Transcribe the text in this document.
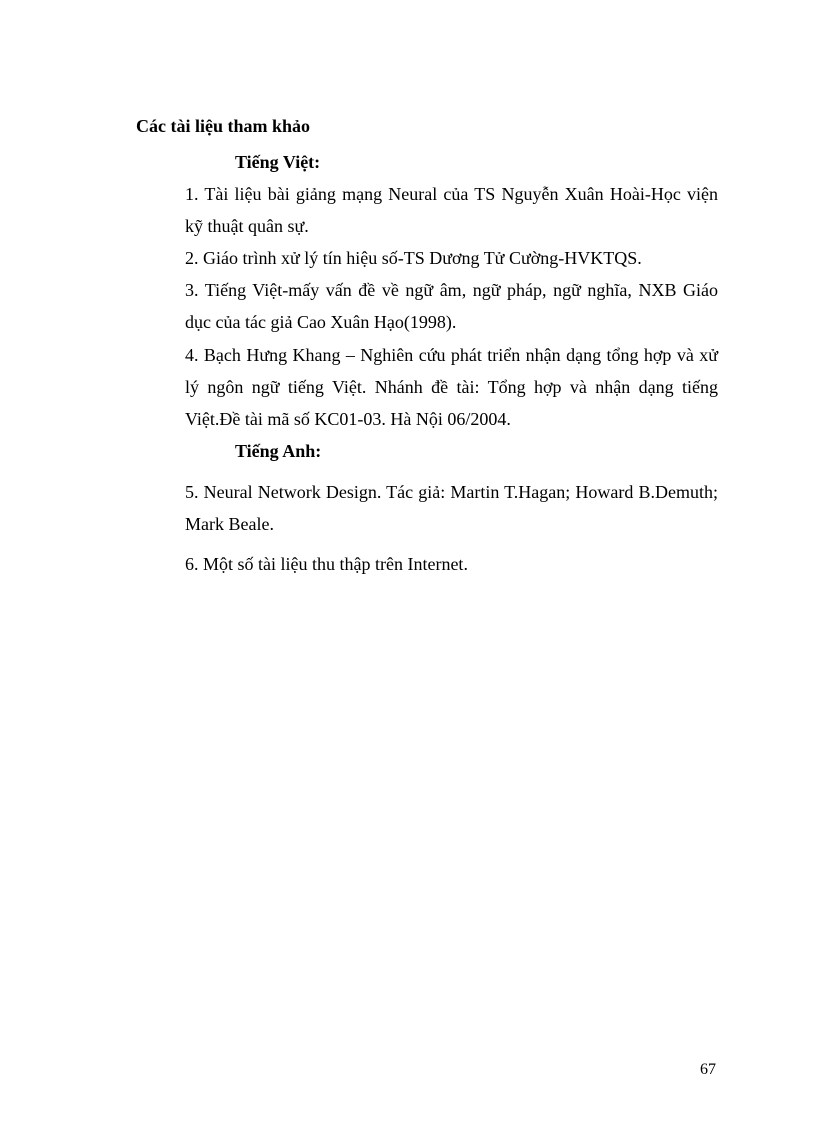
Các tài liệu tham khảo
Tiếng Việt:
1. Tài liệu bài giảng mạng Neural của TS Nguyễn Xuân Hoài-Học viện kỹ thuật quân sự.
2. Giáo trình xử lý tín hiệu số-TS Dương Tử Cường-HVKTQS.
3. Tiếng Việt-mấy vấn đề về ngữ âm, ngữ pháp, ngữ nghĩa, NXB Giáo dục của tác giả Cao Xuân Hạo(1998).
4. Bạch Hưng Khang – Nghiên cứu phát triển nhận dạng tổng hợp và xử lý ngôn ngữ tiếng Việt. Nhánh đề tài: Tổng hợp và nhận dạng tiếng Việt.Đề tài mã số KC01-03. Hà Nội 06/2004.
Tiếng Anh:
5. Neural Network Design. Tác giả: Martin T.Hagan; Howard B.Demuth; Mark Beale.
6. Một số tài liệu thu thập trên Internet.
67
